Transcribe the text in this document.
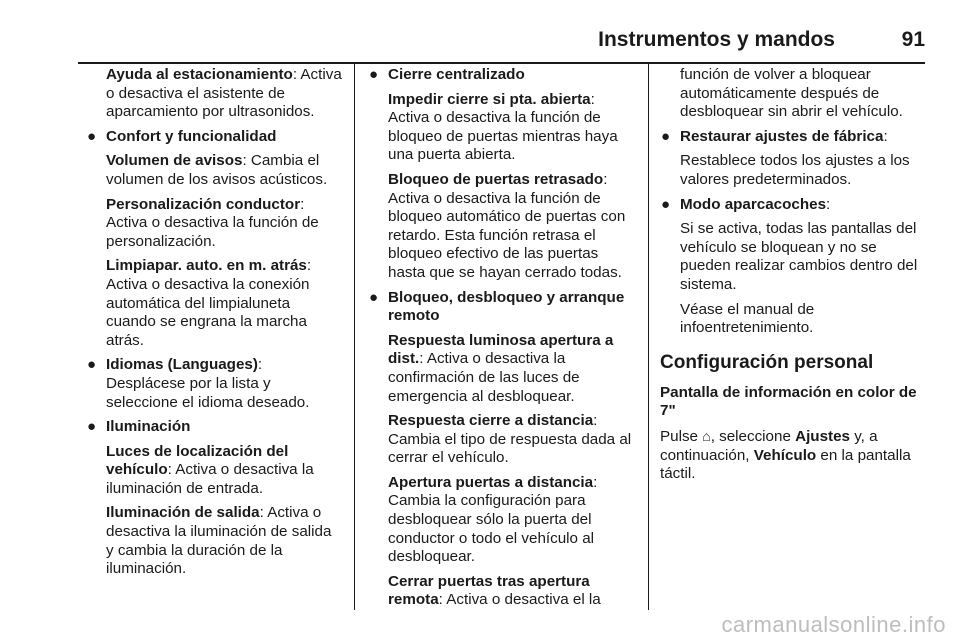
Instrumentos y mandos	91

Ayuda al estacionamiento: Activa o desactiva el asistente de aparcamiento por ultrasonidos.

● Confort y funcionalidad

Volumen de avisos: Cambia el volumen de los avisos acústicos.

Personalización conductor: Activa o desactiva la función de personalización.

Limpiapar. auto. en m. atrás: Activa o desactiva la conexión automática del limpialuneta cuando se engrana la marcha atrás.

● Idiomas (Languages): Desplácese por la lista y seleccione el idioma deseado.
● Iluminación

Luces de localización del vehículo: Activa o desactiva la iluminación de entrada.

Iluminación de salida: Activa o desactiva la iluminación de salida y cambia la duración de la iluminación.

● Cierre centralizado

Impedir cierre si pta. abierta: Activa o desactiva la función de bloqueo de puertas mientras haya una puerta abierta.

Bloqueo de puertas retrasado: Activa o desactiva la función de bloqueo automático de puertas con retardo. Esta función retrasa el bloqueo efectivo de las puertas hasta que se hayan cerrado todas.

● Bloqueo, desbloqueo y arranque remoto

Respuesta luminosa apertura a dist.: Activa o desactiva la confirmación de las luces de emergencia al desbloquear.

Respuesta cierre a distancia: Cambia el tipo de respuesta dada al cerrar el vehículo.

Apertura puertas a distancia: Cambia la configuración para desbloquear sólo la puerta del conductor o todo el vehículo al desbloquear.

Cerrar puertas tras apertura remota: Activa o desactiva el la

función de volver a bloquear automáticamente después de desbloquear sin abrir el vehículo.

● Restaurar ajustes de fábrica:

Restablece todos los ajustes a los valores predeterminados.

● Modo aparcacoches:

Si se activa, todas las pantallas del vehículo se bloquean y no se pueden realizar cambios dentro del sistema.

Véase el manual de infoentretenimiento.

Configuración personal
Pantalla de información en color de 7"

Pulse ⌂, seleccione Ajustes y, a continuación, Vehículo en la pantalla táctil.

carmanualsonline.info
